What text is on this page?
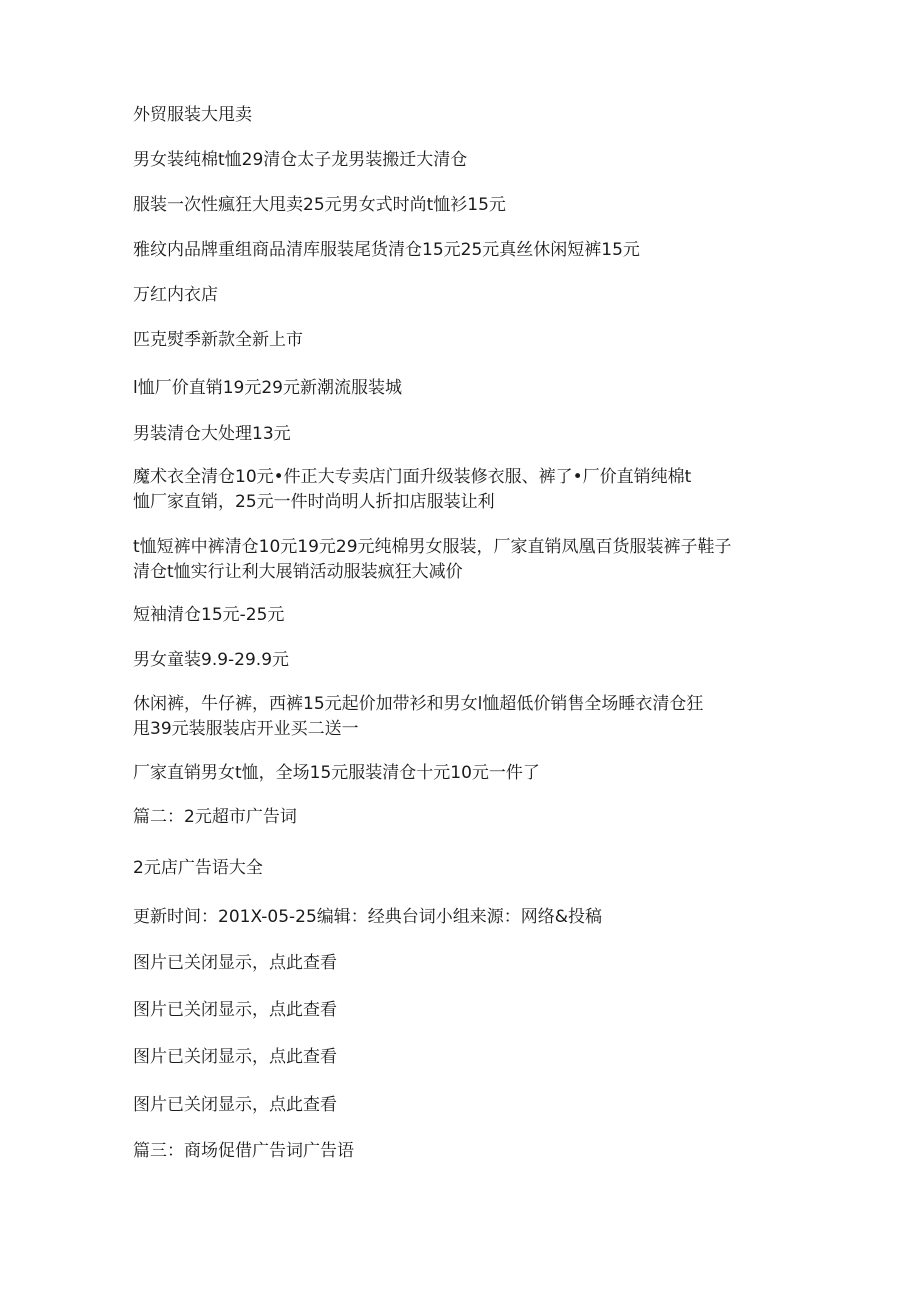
外贸服装大甩卖

男女装纯棉t恤29清仓太子龙男装搬迁大清仓

服装一次性瘋狂大甩卖25元男女式时尚t恤衫15元

雅纹内品牌重组商品清库服装尾货清仓15元25元真丝休闲短裤15元

万红内衣店

匹克熨季新款全新上市

l恤厂价直销19元29元新潮流服装城

男装清仓大处理13元

魔术衣全清仓10元•件正大专卖店门面升级装修衣服、裤了•厂价直销纯棉t
恤厂家直销，25元一件时尚明人折扣店服装让利

t恤短裤中裤清仓10元19元29元纯棉男女服装，厂家直销凤凰百货服装裤子鞋子
清仓t恤实行让利大展销活动服装疯狂大减价

短袖清仓15元-25元

男女童装9.9-29.9元

休闲裤，牛仔裤，西裤15元起价加带衫和男女l恤超低价销售全场睡衣清仓狂
甩39元装服装店开业买二送一

厂家直销男女t恤，全场15元服装清仓十元10元一件了

篇二：2元超市广告词

2元店广告语大全

更新时间：201X-05-25编辑：经典台词小组来源：网络&投稿

图片已关闭显示，点此查看

图片已关闭显示，点此查看

图片已关闭显示，点此查看

图片已关闭显示，点此查看

篇三：商场促借广告词广告语
